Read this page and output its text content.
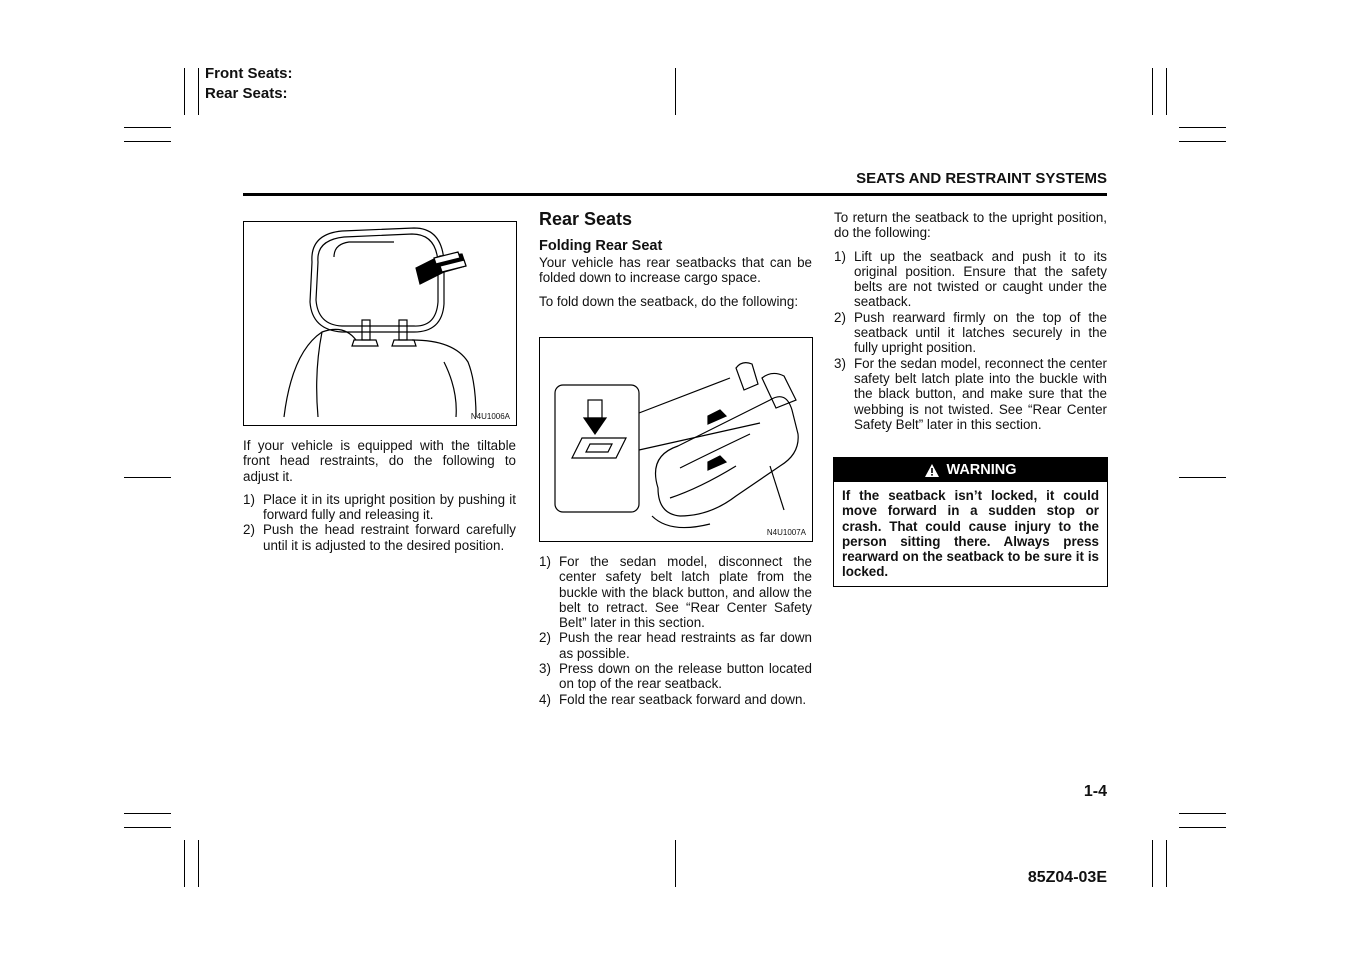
Front Seats:
Rear Seats:
SEATS AND RESTRAINT SYSTEMS
N4U1006A

If your vehicle is equipped with the tiltable front head restraints, do the following to adjust it.

1) Place it in its upright position by pushing it forward fully and releasing it.
2) Push the head restraint forward carefully until it is adjusted to the desired position.
Rear Seats
Folding Rear Seat

Your vehicle has rear seatbacks that can be folded down to increase cargo space.

To fold down the seatback, do the following:

N4U1007A
1) For the sedan model, disconnect the center safety belt latch plate from the buckle with the black button, and allow the belt to retract. See “Rear Center Safety Belt” later in this section.
2) Push the rear head restraints as far down as possible.
3) Press down on the release button located on top of the rear seatback.
4) Fold the rear seatback forward and down.

To return the seatback to the upright position, do the following:

1) Lift up the seatback and push it to its original position. Ensure that the safety belts are not twisted or caught under the seatback.
2) Push rearward firmly on the top of the seatback until it latches securely in the fully upright position.
3) For the sedan model, reconnect the center safety belt latch plate into the buckle with the black button, and make sure that the webbing is not twisted. See “Rear Center Safety Belt” later in this section.
WARNING
If the seatback isn’t locked, it could move forward in a sudden stop or crash. That could cause injury to the person sitting there. Always press rearward on the seatback to be sure it is locked.
1-4
85Z04-03E
